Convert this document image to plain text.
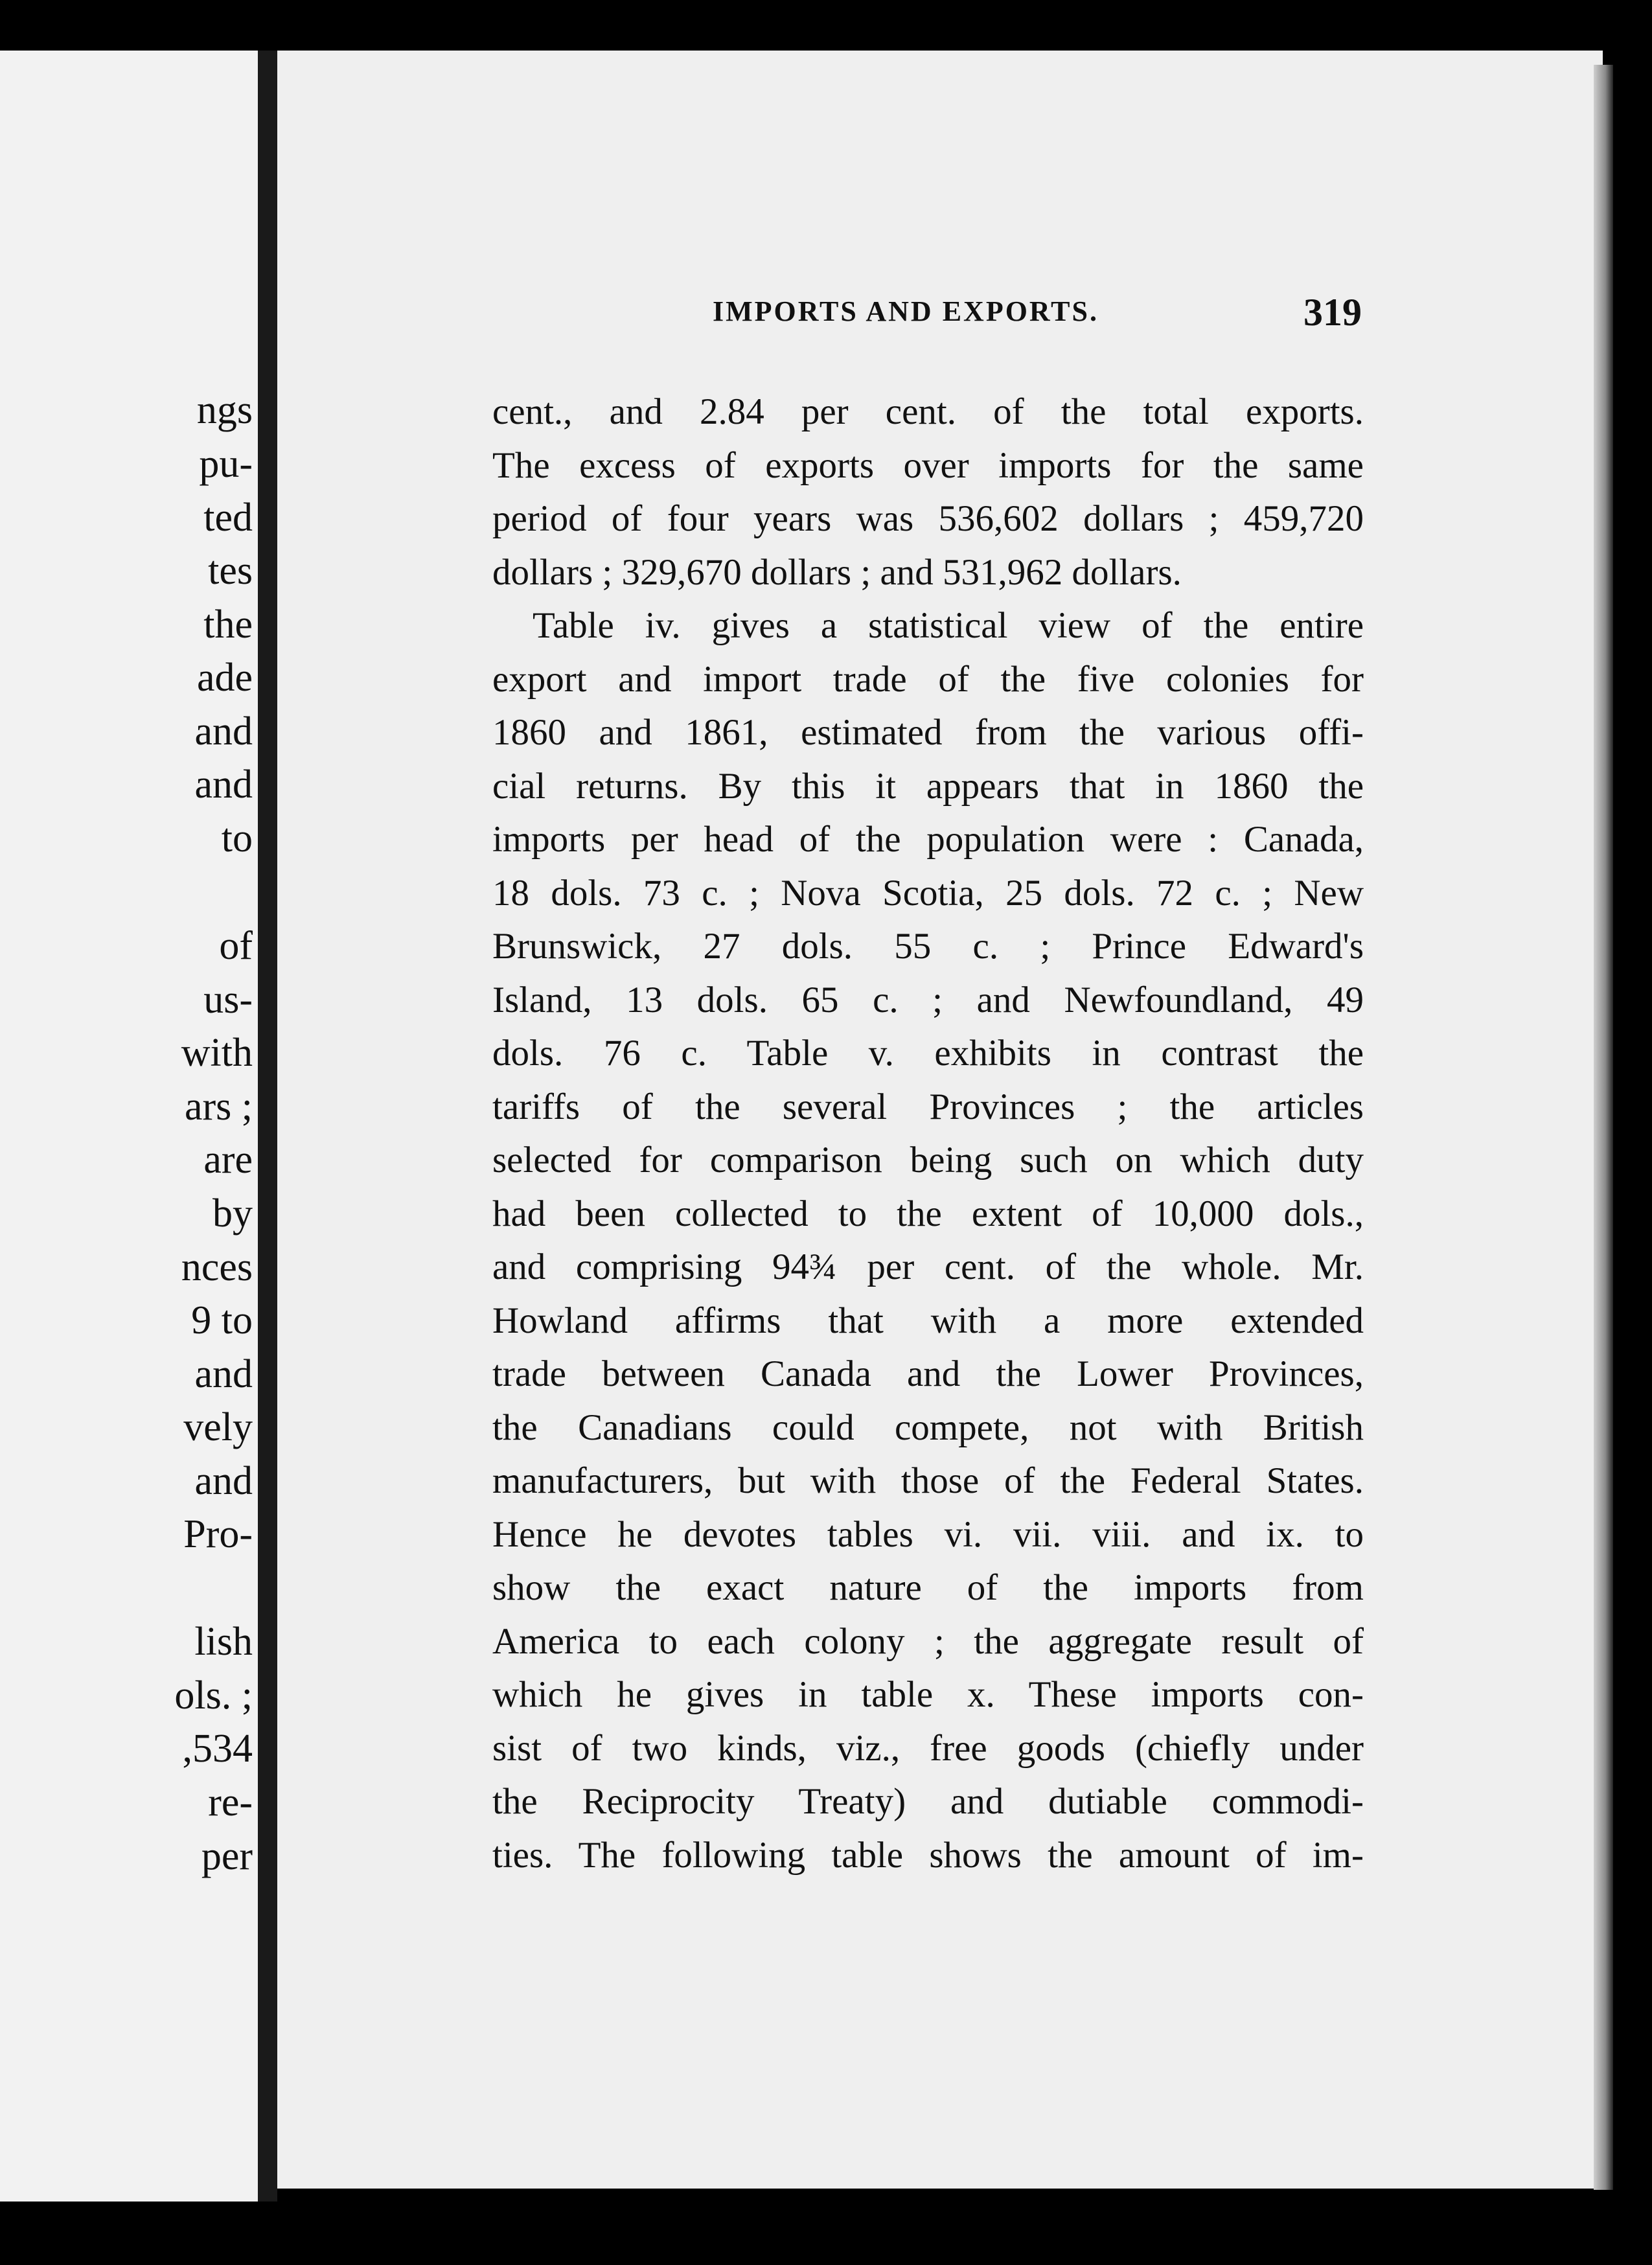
ngs
pu-
ted
tes
the
ade
and
and
to
of
us-
with
ars ;
are
by
nces
9 to
and
vely
and
Pro-
lish
ols. ;
,534
re-
per
IMPORTS AND EXPORTS.	319
cent., and 2.84 per cent. of the total exports.
The excess of exports over imports for the same
period of four years was 536,602 dollars ; 459,720
dollars ; 329,670 dollars ; and 531,962 dollars.
Table iv. gives a statistical view of the entire
export and import trade of the five colonies for
1860 and 1861, estimated from the various offi-
cial returns. By this it appears that in 1860 the
imports per head of the population were : Canada,
18 dols. 73 c. ; Nova Scotia, 25 dols. 72 c. ; New
Brunswick, 27 dols. 55 c. ; Prince Edward's
Island, 13 dols. 65 c. ; and Newfoundland, 49
dols. 76 c. Table v. exhibits in contrast the
tariffs of the several Provinces ; the articles
selected for comparison being such on which duty
had been collected to the extent of 10,000 dols.,
and comprising 94¾ per cent. of the whole. Mr.
Howland affirms that with a more extended
trade between Canada and the Lower Provinces,
the Canadians could compete, not with British
manufacturers, but with those of the Federal States.
Hence he devotes tables vi. vii. viii. and ix. to
show the exact nature of the imports from
America to each colony ; the aggregate result of
which he gives in table x. These imports con-
sist of two kinds, viz., free goods (chiefly under
the Reciprocity Treaty) and dutiable commodi-
ties. The following table shows the amount of im-
